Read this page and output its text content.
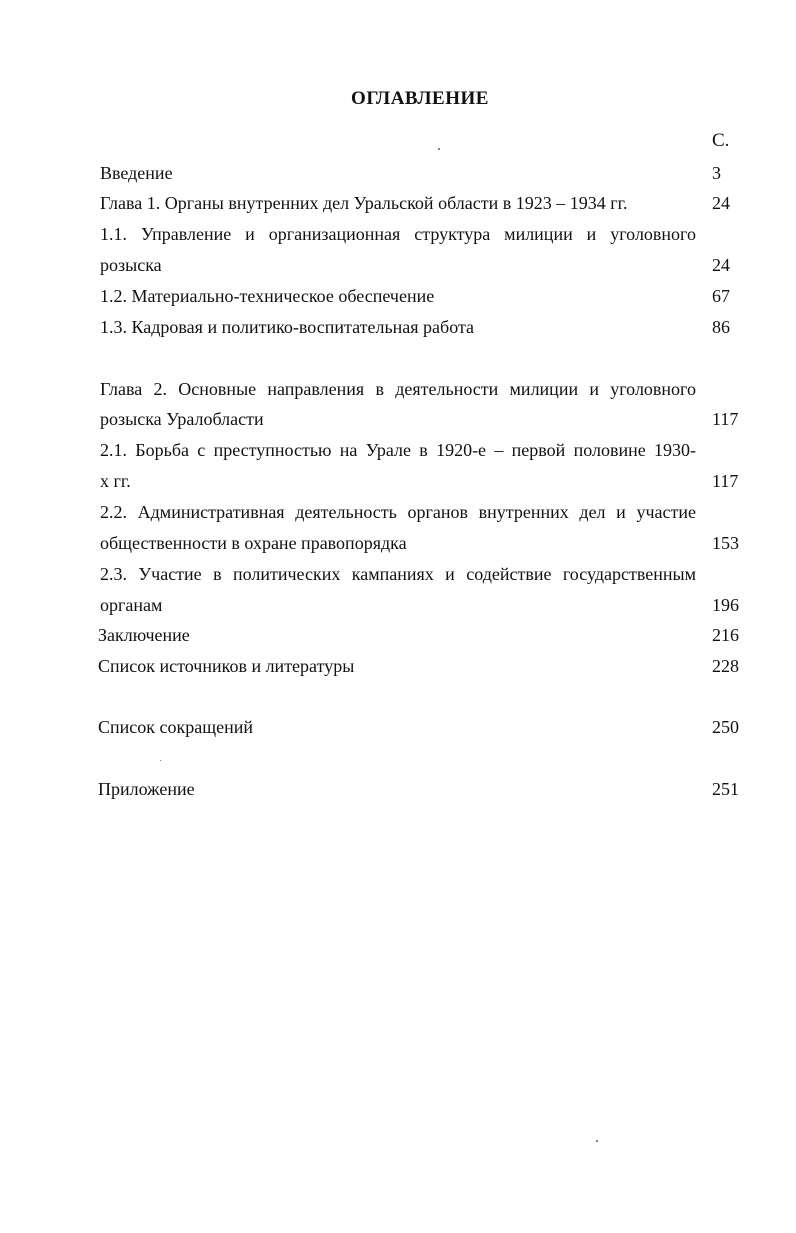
ОГЛАВЛЕНИЕ
С.
Введение	3
Глава 1. Органы внутренних дел Уральской области в 1923 – 1934 гг.	24
1.1. Управление и организационная структура милиции и уголовного
розыска	24
1.2. Материально-техническое обеспечение	67
1.3. Кадровая и политико-воспитательная работа	86
Глава 2. Основные направления в деятельности милиции и уголовного
розыска Уралобласти	117
2.1. Борьба с преступностью на Урале в 1920-е – первой половине 1930-
х гг.	117
2.2. Административная деятельность органов внутренних дел и участие
общественности в охране правопорядка	153
2.3. Участие в политических кампаниях и содействие государственным
органам	196
Заключение	216
Список источников и литературы	228
Список сокращений	250
Приложение	251
